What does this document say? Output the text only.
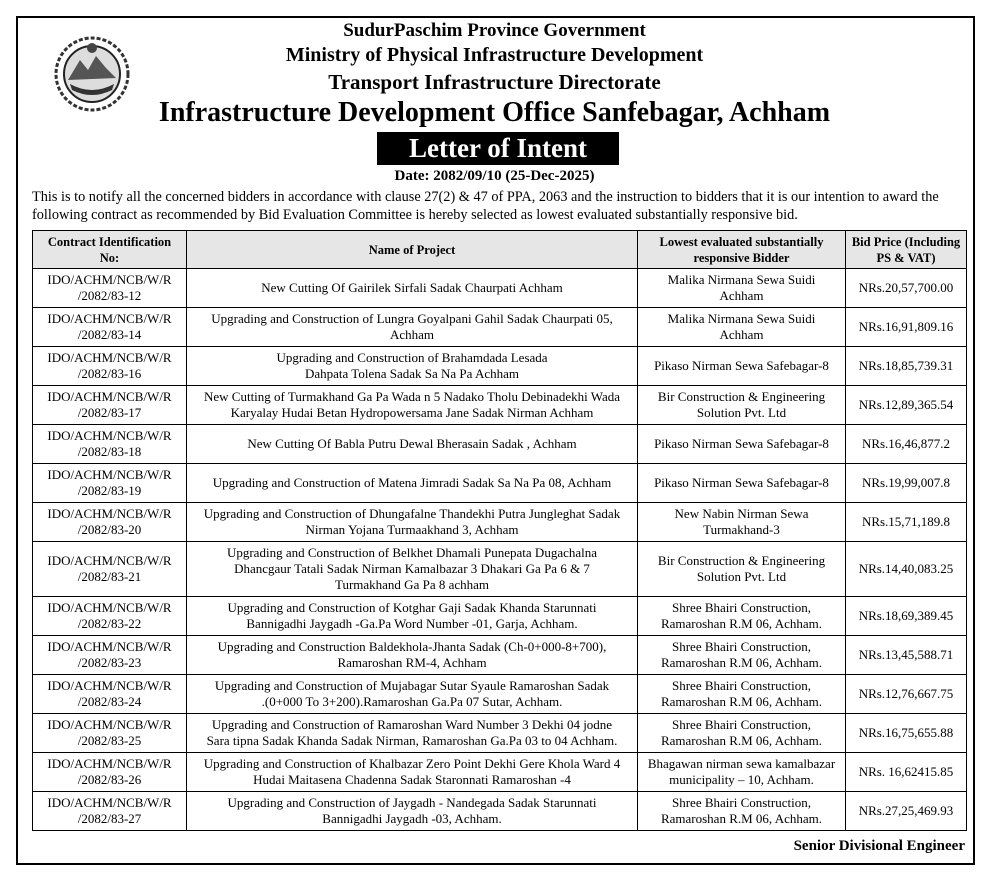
SudurPaschim Province Government
Ministry of Physical Infrastructure Development
Transport Infrastructure Directorate
Infrastructure Development Office Sanfebagar, Achham
Letter of Intent
Date: 2082/09/10 (25-Dec-2025)
This is to notify all the concerned bidders in accordance with clause 27(2) & 47 of PPA, 2063 and the instruction to bidders that it is our intention to award the following contract as recommended by Bid Evaluation Committee is hereby selected as lowest evaluated substantially responsive bid.
Contract Identification
No:	Name of Project	Lowest evaluated substantially
responsive Bidder	Bid Price (Including
PS & VAT)
IDO/ACHM/NCB/W/R
/2082/83-12	New Cutting Of Gairilek Sirfali Sadak Chaurpati Achham	Malika Nirmana Sewa Suidi
Achham	NRs.20,57,700.00
IDO/ACHM/NCB/W/R
/2082/83-14	Upgrading and Construction of Lungra Goyalpani Gahil Sadak Chaurpati 05,
Achham	Malika Nirmana Sewa Suidi
Achham	NRs.16,91,809.16
IDO/ACHM/NCB/W/R
/2082/83-16	Upgrading and Construction of Brahamdada Lesada
Dahpata Tolena Sadak Sa Na Pa Achham	Pikaso Nirman Sewa Safebagar-8	NRs.18,85,739.31
IDO/ACHM/NCB/W/R
/2082/83-17	New Cutting of Turmakhand Ga Pa Wada n 5 Nadako Tholu Debinadekhi Wada
Karyalay Hudai Betan Hydropowersama Jane Sadak Nirman Achham	Bir Construction & Engineering
Solution Pvt. Ltd	NRs.12,89,365.54
IDO/ACHM/NCB/W/R
/2082/83-18	New Cutting Of Babla Putru Dewal Bherasain Sadak , Achham	Pikaso Nirman Sewa Safebagar-8	NRs.16,46,877.2
IDO/ACHM/NCB/W/R
/2082/83-19	Upgrading and Construction of Matena Jimradi Sadak Sa Na Pa 08, Achham	Pikaso Nirman Sewa Safebagar-8	NRs.19,99,007.8
IDO/ACHM/NCB/W/R
/2082/83-20	Upgrading and Construction of Dhungafalne Thandekhi Putra Jungleghat Sadak
Nirman Yojana Turmaakhand 3, Achham	New Nabin Nirman Sewa
Turmakhand-3	NRs.15,71,189.8
IDO/ACHM/NCB/W/R
/2082/83-21	Upgrading and Construction of Belkhet Dhamali Punepata Dugachalna
Dhancgaur Tatali Sadak Nirman Kamalbazar 3 Dhakari Ga Pa 6 & 7
Turmakhand Ga Pa 8 achham	Bir Construction & Engineering
Solution Pvt. Ltd	NRs.14,40,083.25
IDO/ACHM/NCB/W/R
/2082/83-22	Upgrading and Construction of Kotghar Gaji Sadak Khanda Starunnati
Bannigadhi Jaygadh -Ga.Pa Word Number -01, Garja, Achham.	Shree Bhairi Construction,
Ramaroshan R.M 06, Achham.	NRs.18,69,389.45
IDO/ACHM/NCB/W/R
/2082/83-23	Upgrading and Construction Baldekhola-Jhanta Sadak (Ch-0+000-8+700),
Ramaroshan RM-4, Achham	Shree Bhairi Construction,
Ramaroshan R.M 06, Achham.	NRs.13,45,588.71
IDO/ACHM/NCB/W/R
/2082/83-24	Upgrading and Construction of Mujabagar Sutar Syaule Ramaroshan Sadak
.(0+000 To 3+200).Ramaroshan Ga.Pa 07 Sutar, Achham.	Shree Bhairi Construction,
Ramaroshan R.M 06, Achham.	NRs.12,76,667.75
IDO/ACHM/NCB/W/R
/2082/83-25	Upgrading and Construction of Ramaroshan Ward Number 3 Dekhi 04 jodne
Sara tipna Sadak Khanda Sadak Nirman, Ramaroshan Ga.Pa 03 to 04 Achham.	Shree Bhairi Construction,
Ramaroshan R.M 06, Achham.	NRs.16,75,655.88
IDO/ACHM/NCB/W/R
/2082/83-26	Upgrading and Construction of Khalbazar Zero Point Dekhi Gere Khola Ward 4
Hudai Maitasena Chadenna Sadak Staronnati Ramaroshan -4	Bhagawan nirman sewa kamalbazar
municipality – 10, Achham.	NRs. 16,62415.85
IDO/ACHM/NCB/W/R
/2082/83-27	Upgrading and Construction of Jaygadh - Nandegada Sadak Starunnati
Bannigadhi Jaygadh -03, Achham.	Shree Bhairi Construction,
Ramaroshan R.M 06, Achham.	NRs.27,25,469.93
Senior Divisional Engineer
